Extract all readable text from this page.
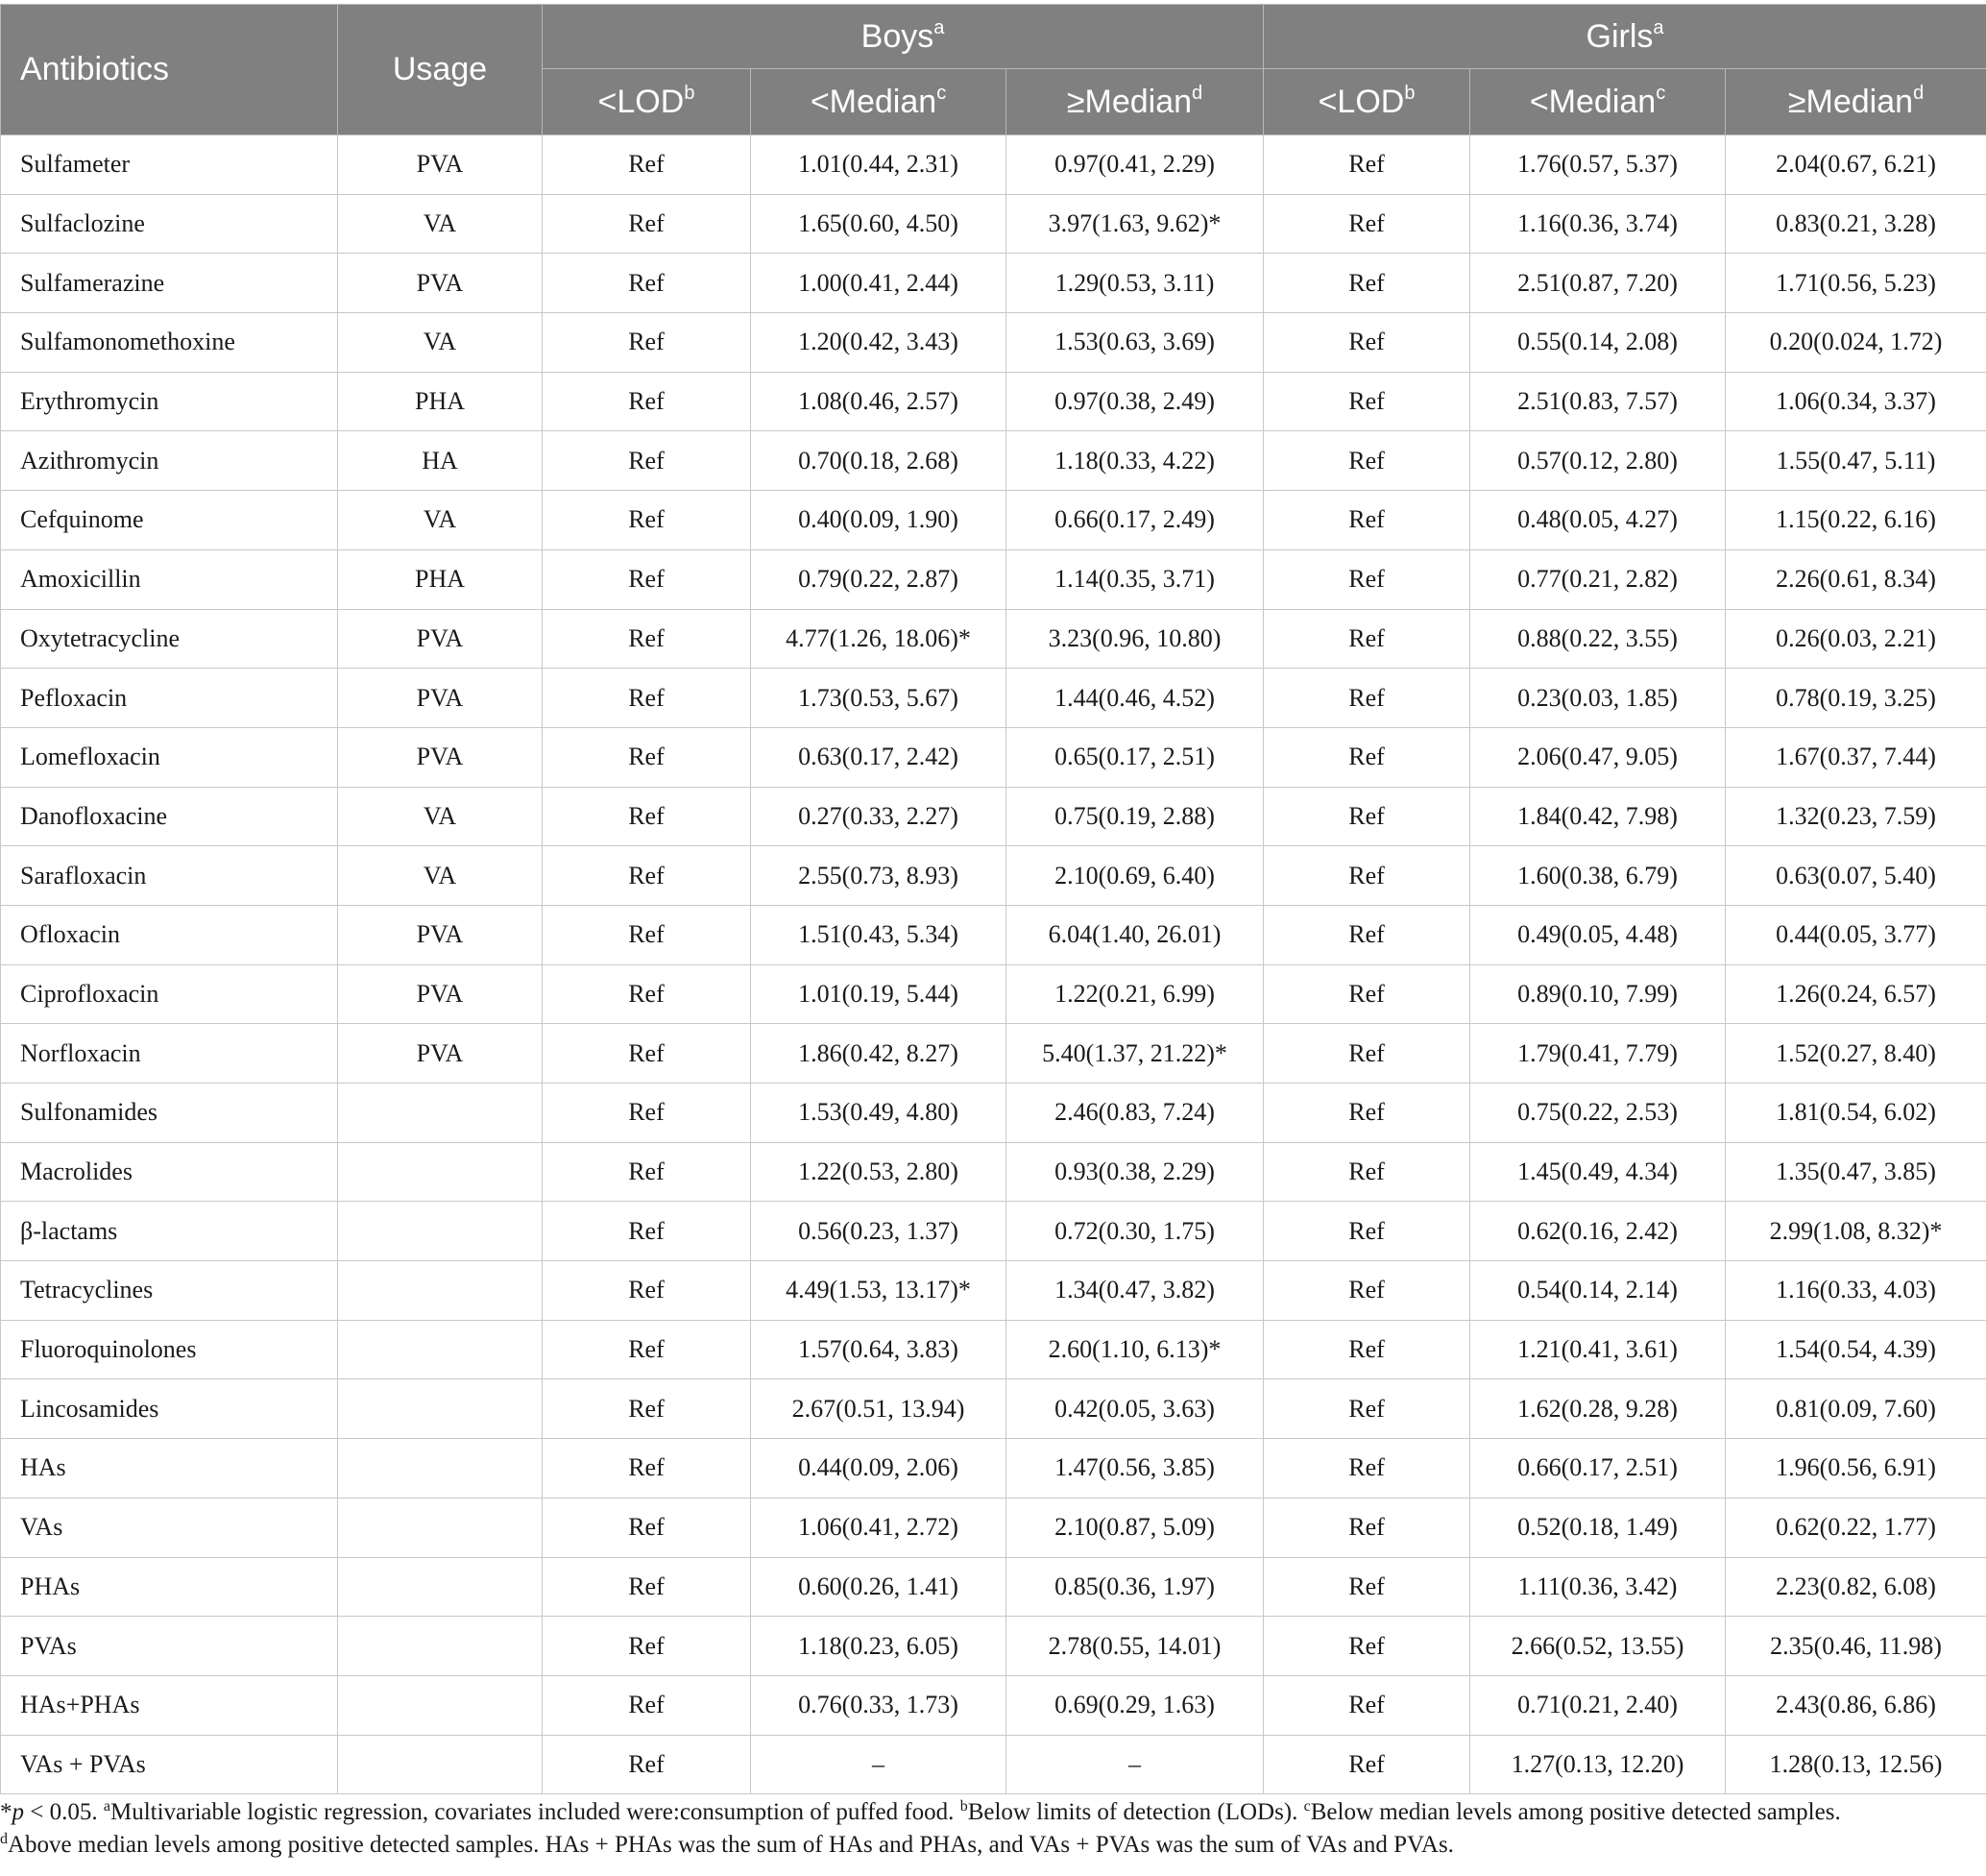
Antibiotics	Usage	Boys$^a$			Girls$^a$
		$<LOD^b$	<Median$^c$	≥Median$^d$	$<LOD^b$	<Median$^c$	≥Median$^d$
Sulfameter	PVA	Ref	1.01(0.44, 2.31)	0.97(0.41, 2.29)	Ref	1.76(0.57, 5.37)	2.04(0.67, 6.21)
Sulfaclozine	VA	Ref	1.65(0.60, 4.50)	3.97(1.63, 9.62)*	Ref	1.16(0.36, 3.74)	0.83(0.21, 3.28)
Sulfamerazine	PVA	Ref	1.00(0.41, 2.44)	1.29(0.53, 3.11)	Ref	2.51(0.87, 7.20)	1.71(0.56, 5.23)
Sulfamonomethoxine	VA	Ref	1.20(0.42, 3.43)	1.53(0.63, 3.69)	Ref	0.55(0.14, 2.08)	0.20(0.024, 1.72)
Erythromycin	PHA	Ref	1.08(0.46, 2.57)	0.97(0.38, 2.49)	Ref	2.51(0.83, 7.57)	1.06(0.34, 3.37)
Azithromycin	HA	Ref	0.70(0.18, 2.68)	1.18(0.33, 4.22)	Ref	0.57(0.12, 2.80)	1.55(0.47, 5.11)
Cefquinome	VA	Ref	0.40(0.09, 1.90)	0.66(0.17, 2.49)	Ref	0.48(0.05, 4.27)	1.15(0.22, 6.16)
Amoxicillin	PHA	Ref	0.79(0.22, 2.87)	1.14(0.35, 3.71)	Ref	0.77(0.21, 2.82)	2.26(0.61, 8.34)
Oxytetracycline	PVA	Ref	4.77(1.26, 18.06)*	3.23(0.96, 10.80)	Ref	0.88(0.22, 3.55)	0.26(0.03, 2.21)
Pefloxacin	PVA	Ref	1.73(0.53, 5.67)	1.44(0.46, 4.52)	Ref	0.23(0.03, 1.85)	0.78(0.19, 3.25)
Lomefloxacin	PVA	Ref	0.63(0.17, 2.42)	0.65(0.17, 2.51)	Ref	2.06(0.47, 9.05)	1.67(0.37, 7.44)
Danofloxacine	VA	Ref	0.27(0.33, 2.27)	0.75(0.19, 2.88)	Ref	1.84(0.42, 7.98)	1.32(0.23, 7.59)
Sarafloxacin	VA	Ref	2.55(0.73, 8.93)	2.10(0.69, 6.40)	Ref	1.60(0.38, 6.79)	0.63(0.07, 5.40)
Ofloxacin	PVA	Ref	1.51(0.43, 5.34)	6.04(1.40, 26.01)	Ref	0.49(0.05, 4.48)	0.44(0.05, 3.77)
Ciprofloxacin	PVA	Ref	1.01(0.19, 5.44)	1.22(0.21, 6.99)	Ref	0.89(0.10, 7.99)	1.26(0.24, 6.57)
Norfloxacin	PVA	Ref	1.86(0.42, 8.27)	5.40(1.37, 21.22)*	Ref	1.79(0.41, 7.79)	1.52(0.27, 8.40)
Sulfonamides		Ref	1.53(0.49, 4.80)	2.46(0.83, 7.24)	Ref	0.75(0.22, 2.53)	1.81(0.54, 6.02)
Macrolides		Ref	1.22(0.53, 2.80)	0.93(0.38, 2.29)	Ref	1.45(0.49, 4.34)	1.35(0.47, 3.85)
β-lactams		Ref	0.56(0.23, 1.37)	0.72(0.30, 1.75)	Ref	0.62(0.16, 2.42)	2.99(1.08, 8.32)*
Tetracyclines		Ref	4.49(1.53, 13.17)*	1.34(0.47, 3.82)	Ref	0.54(0.14, 2.14)	1.16(0.33, 4.03)
Fluoroquinolones		Ref	1.57(0.64, 3.83)	2.60(1.10, 6.13)*	Ref	1.21(0.41, 3.61)	1.54(0.54, 4.39)
Lincosamides		Ref	2.67(0.51, 13.94)	0.42(0.05, 3.63)	Ref	1.62(0.28, 9.28)	0.81(0.09, 7.60)
HAs		Ref	0.44(0.09, 2.06)	1.47(0.56, 3.85)	Ref	0.66(0.17, 2.51)	1.96(0.56, 6.91)
VAs		Ref	1.06(0.41, 2.72)	2.10(0.87, 5.09)	Ref	0.52(0.18, 1.49)	0.62(0.22, 1.77)
PHAs		Ref	0.60(0.26, 1.41)	0.85(0.36, 1.97)	Ref	1.11(0.36, 3.42)	2.23(0.82, 6.08)
PVAs		Ref	1.18(0.23, 6.05)	2.78(0.55, 14.01)	Ref	2.66(0.52, 13.55)	2.35(0.46, 11.98)
HAs+PHAs		Ref	0.76(0.33, 1.73)	0.69(0.29, 1.63)	Ref	0.71(0.21, 2.40)	2.43(0.86, 6.86)
VAs + PVAs		Ref	–	–	Ref	1.27(0.13, 12.20)	1.28(0.13, 12.56)

*p < 0.05. $^a$Multivariable logistic regression, covariates included were:consumption of puffed food. $^b$Below limits of detection (LODs). $^c$Below median levels among positive detected samples.

$^d$Above median levels among positive detected samples. HAs + PHAs was the sum of HAs and PHAs, and VAs + PVAs was the sum of VAs and PVAs.
